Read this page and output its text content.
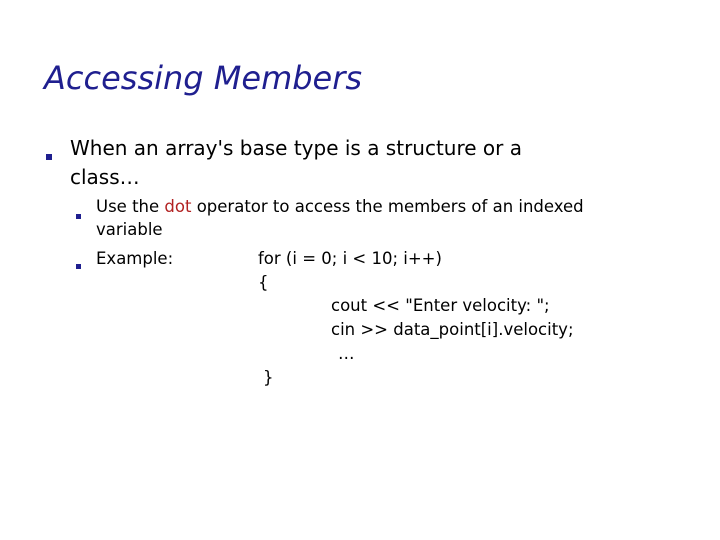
Accessing Members
When an array's base type is a structure or a
class…
Use the dot operator to access the members of an indexed
variable
Example:	for (i = 0; i < 10; i++)
{
cout << "Enter velocity: ";
cin >> data_point[i].velocity;
…
}
